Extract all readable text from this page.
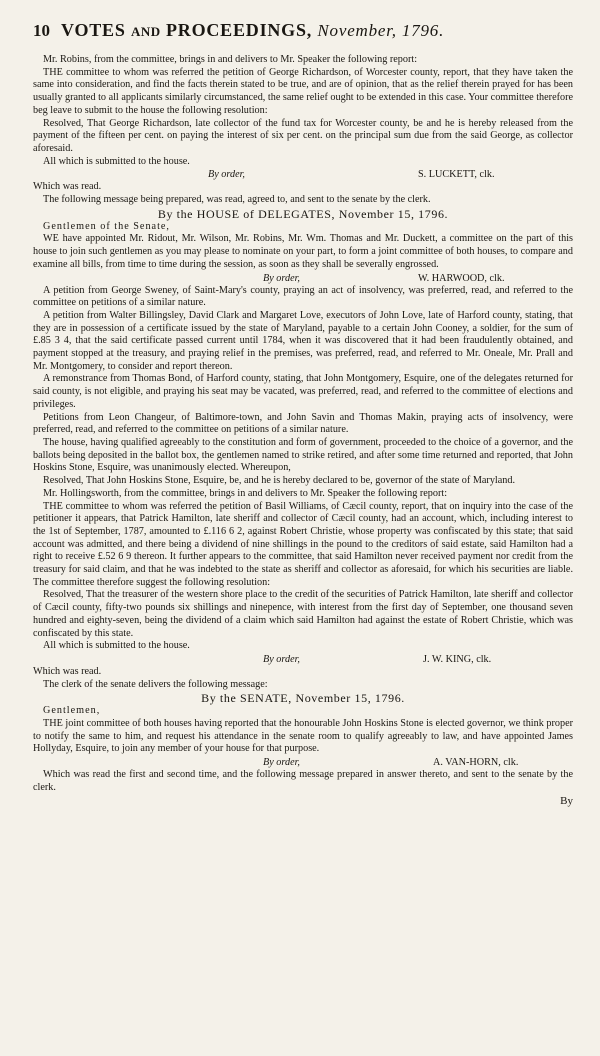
10 VOTES AND PROCEEDINGS, November, 1796.

Mr. Robins, from the committee, brings in and delivers to Mr. Speaker the following report:

THE committee to whom was referred the petition of George Richardson, of Worcester county, report, that they have taken the same into consideration, and find the facts therein stated to be true, and are of opinion, that as the relief therein prayed for has been usually granted to all applicants similarly circumstanced, the same relief ought to be extended in this case. Your committee therefore beg leave to submit to the house the following resolution:

Resolved, That George Richardson, late collector of the fund tax for Worcester county, be and he is hereby released from the payment of the fifteen per cent. on paying the interest of six per cent. on the principal sum due from the said George, as collector aforesaid.

All which is submitted to the house.

By order,	S. LUCKETT, clk.

Which was read.

The following message being prepared, was read, agreed to, and sent to the senate by the clerk.

By the HOUSE of DELEGATES, November 15, 1796.

Gentlemen of the Senate,

WE have appointed Mr. Ridout, Mr. Wilson, Mr. Robins, Mr. Wm. Thomas and Mr. Duckett, a committee on the part of this house to join such gentlemen as you may please to nominate on your part, to form a joint committee of both houses, to compare and examine all bills, from time to time during the session, as soon as they shall be severally engrossed.

By order,	W. HARWOOD, clk.

A petition from George Sweney, of Saint-Mary's county, praying an act of insolvency, was preferred, read, and referred to the committee on petitions of a similar nature.

A petition from Walter Billingsley, David Clark and Margaret Love, executors of John Love, late of Harford county, stating, that they are in possession of a certificate issued by the state of Maryland, payable to a certain John Cooney, a soldier, for the sum of £.85 3 4, that the said certificate passed current until 1784, when it was discovered that it had been fraudulently obtained, and payment stopped at the treasury, and praying relief in the premises, was preferred, read, and referred to Mr. Oneale, Mr. Prall and Mr. Montgomery, to consider and report thereon.

A remonstrance from Thomas Bond, of Harford county, stating, that John Montgomery, Esquire, one of the delegates returned for said county, is not eligible, and praying his seat may be vacated, was preferred, read, and referred to the committee of elections and privileges.

Petitions from Leon Changeur, of Baltimore-town, and John Savin and Thomas Makin, praying acts of insolvency, were preferred, read, and referred to the committee on petitions of a similar nature.

The house, having qualified agreeably to the constitution and form of government, proceeded to the choice of a governor, and the ballots being deposited in the ballot box, the gentlemen named to strike retired, and after some time returned and reported, that John Hoskins Stone, Esquire, was unanimously elected. Whereupon,

Resolved, That John Hoskins Stone, Esquire, be, and he is hereby declared to be, governor of the state of Maryland.

Mr. Hollingsworth, from the committee, brings in and delivers to Mr. Speaker the following report:

THE committee to whom was referred the petition of Basil Williams, of Cæcil county, report, that on inquiry into the case of the petitioner it appears, that Patrick Hamilton, late sheriff and collector of Cæcil county, had an account, which, including interest to the 1st of September, 1787, amounted to £.116 6 2, against Robert Christie, whose property was confiscated by this state; that said account was admitted, and there being a dividend of nine shillings in the pound to the creditors of said estate, said Hamilton had a right to receive £.52 6 9 thereon. It further appears to the committee, that said Hamilton never received payment nor credit from the treasury for said claim, and that he was indebted to the state as sheriff and collector as aforesaid, for which his securities are liable. The committee therefore suggest the following resolution:

Resolved, That the treasurer of the western shore place to the credit of the securities of Patrick Hamilton, late sheriff and collector of Cæcil county, fifty-two pounds six shillings and ninepence, with interest from the first day of September, one thousand seven hundred and eighty-seven, being the dividend of a claim which said Hamilton had against the estate of Robert Christie, which was confiscated by this state.

All which is submitted to the house.

By order,	J. W. KING, clk.

Which was read.

The clerk of the senate delivers the following message:

By the SENATE, November 15, 1796.

Gentlemen,

THE joint committee of both houses having reported that the honourable John Hoskins Stone is elected governor, we think proper to notify the same to him, and request his attendance in the senate room to qualify agreeably to law, and have appointed James Hollyday, Esquire, to join any member of your house for that purpose.

By order,	A. VAN-HORN, clk.

Which was read the first and second time, and the following message prepared in answer thereto, and sent to the senate by the clerk.

By
